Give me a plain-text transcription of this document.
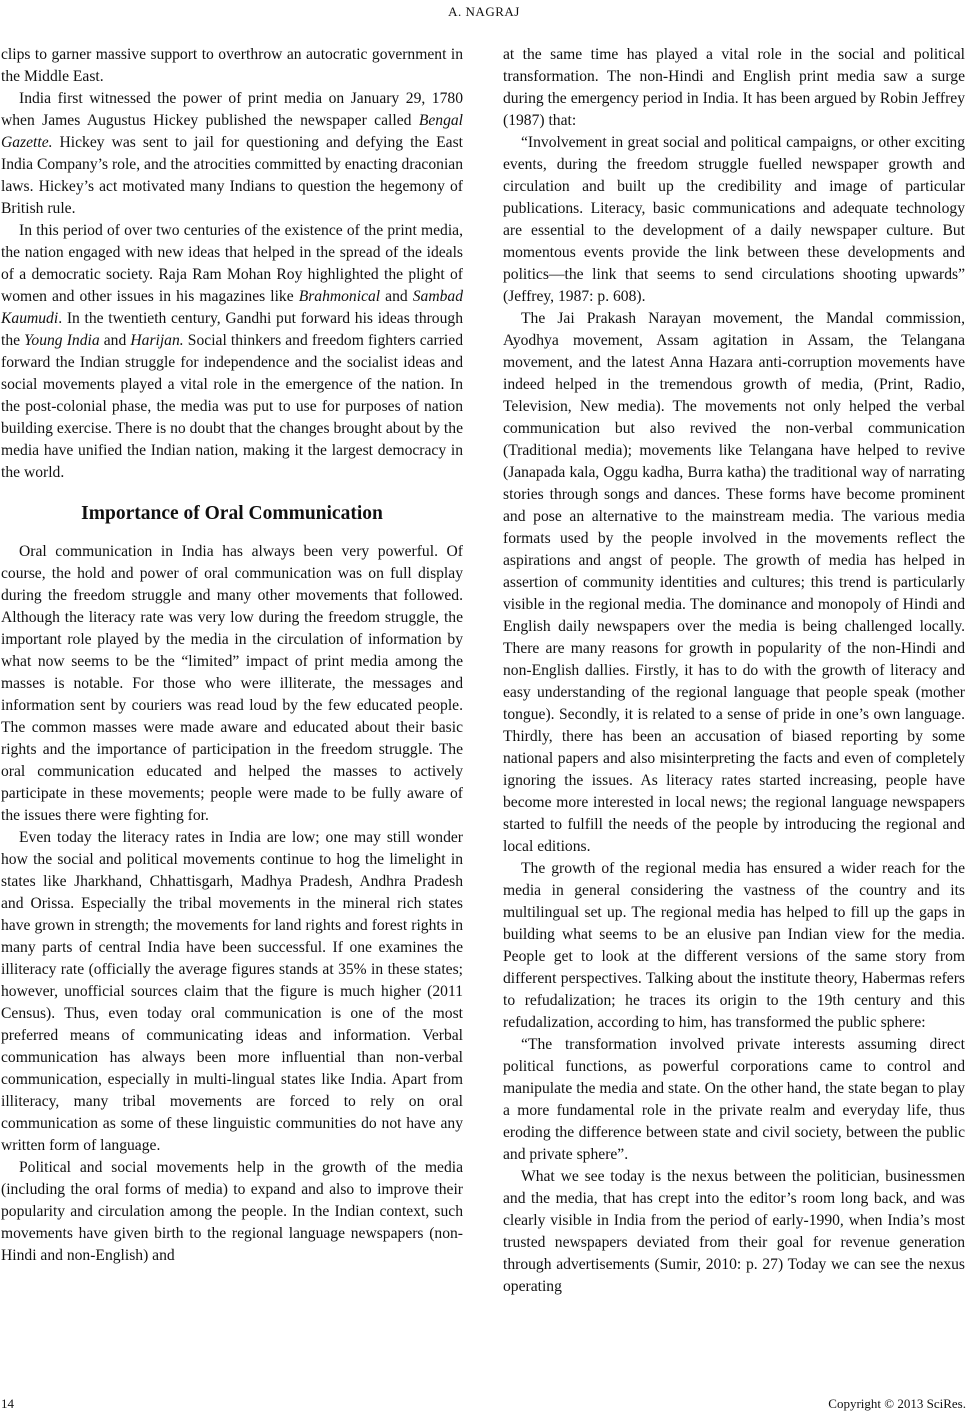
A. NAGRAJ

clips to garner massive support to overthrow an autocratic government in the Middle East.

India first witnessed the power of print media on January 29, 1780 when James Augustus Hickey published the newspaper called Bengal Gazette. Hickey was sent to jail for questioning and defying the East India Company’s role, and the atrocities committed by enacting draconian laws. Hickey’s act motivated many Indians to question the hegemony of British rule.

In this period of over two centuries of the existence of the print media, the nation engaged with new ideas that helped in the spread of the ideals of a democratic society. Raja Ram Mohan Roy highlighted the plight of women and other issues in his magazines like Brahmonical and Sambad Kaumudi. In the twentieth century, Gandhi put forward his ideas through the Young India and Harijan. Social thinkers and freedom fighters carried forward the Indian struggle for independence and the socialist ideas and social movements played a vital role in the emergence of the nation. In the post-colonial phase, the media was put to use for purposes of nation building exercise. There is no doubt that the changes brought about by the media have unified the Indian nation, making it the largest democracy in the world.

Importance of Oral Communication

Oral communication in India has always been very powerful. Of course, the hold and power of oral communication was on full display during the freedom struggle and many other movements that followed. Although the literacy rate was very low during the freedom struggle, the important role played by the media in the circulation of information by what now seems to be the “limited” impact of print media among the masses is notable. For those who were illiterate, the messages and information sent by couriers was read loud by the few educated people. The common masses were made aware and educated about their basic rights and the importance of participation in the freedom struggle. The oral communication educated and helped the masses to actively participate in these movements; people were made to be fully aware of the issues there were fighting for.

Even today the literacy rates in India are low; one may still wonder how the social and political movements continue to hog the limelight in states like Jharkhand, Chhattisgarh, Madhya Pradesh, Andhra Pradesh and Orissa. Especially the tribal movements in the mineral rich states have grown in strength; the movements for land rights and forest rights in many parts of central India have been successful. If one examines the illiteracy rate (officially the average figures stands at 35% in these states; however, unofficial sources claim that the figure is much higher (2011 Census). Thus, even today oral communication is one of the most preferred means of communicating ideas and information. Verbal communication has always been more influential than non-verbal communication, especially in multi-lingual states like India. Apart from illiteracy, many tribal movements are forced to rely on oral communication as some of these linguistic communities do not have any written form of language.

Political and social movements help in the growth of the media (including the oral forms of media) to expand and also to improve their popularity and circulation among the people. In the Indian context, such movements have given birth to the regional language newspapers (non-Hindi and non-English) and

at the same time has played a vital role in the social and political transformation. The non-Hindi and English print media saw a surge during the emergency period in India. It has been argued by Robin Jeffrey (1987) that:

“Involvement in great social and political campaigns, or other exciting events, during the freedom struggle fuelled newspaper growth and circulation and built up the credibility and image of particular publications. Literacy, basic communications and adequate technology are essential to the development of a daily newspaper culture. But momentous events provide the link between these developments and politics—the link that seems to send circulations shooting upwards” (Jeffrey, 1987: p. 608).

The Jai Prakash Narayan movement, the Mandal commission, Ayodhya movement, Assam agitation in Assam, the Telangana movement, and the latest Anna Hazara anti-corruption movements have indeed helped in the tremendous growth of media, (Print, Radio, Television, New media). The movements not only helped the verbal communication but also revived the non-verbal communication (Traditional media); movements like Telangana have helped to revive (Janapada kala, Oggu kadha, Burra katha) the traditional way of narrating stories through songs and dances. These forms have become prominent and pose an alternative to the mainstream media. The various media formats used by the people involved in the movements reflect the aspirations and angst of people. The growth of media has helped in assertion of community identities and cultures; this trend is particularly visible in the regional media. The dominance and monopoly of Hindi and English daily newspapers over the media is being challenged locally. There are many reasons for growth in popularity of the non-Hindi and non-English dallies. Firstly, it has to do with the growth of literacy and easy understanding of the regional language that people speak (mother tongue). Secondly, it is related to a sense of pride in one’s own language. Thirdly, there has been an accusation of biased reporting by some national papers and also misinterpreting the facts and even of completely ignoring the issues. As literacy rates started increasing, people have become more interested in local news; the regional language newspapers started to fulfill the needs of the people by introducing the regional and local editions.

The growth of the regional media has ensured a wider reach for the media in general considering the vastness of the country and its multilingual set up. The regional media has helped to fill up the gaps in building what seems to be an elusive pan Indian view for the media. People get to look at the different versions of the same story from different perspectives. Talking about the institute theory, Habermas refers to refudalization; he traces its origin to the 19th century and this refudalization, according to him, has transformed the public sphere:

“The transformation involved private interests assuming direct political functions, as powerful corporations came to control and manipulate the media and state. On the other hand, the state began to play a more fundamental role in the private realm and everyday life, thus eroding the difference between state and civil society, between the public and private sphere”.

What we see today is the nexus between the politician, businessmen and the media, that has crept into the editor’s room long back, and was clearly visible in India from the period of early-1990, when India’s most trusted newspapers deviated from their goal for revenue generation through advertisements (Sumir, 2010: p. 27) Today we can see the nexus operating

14	Copyright © 2013 SciRes.
